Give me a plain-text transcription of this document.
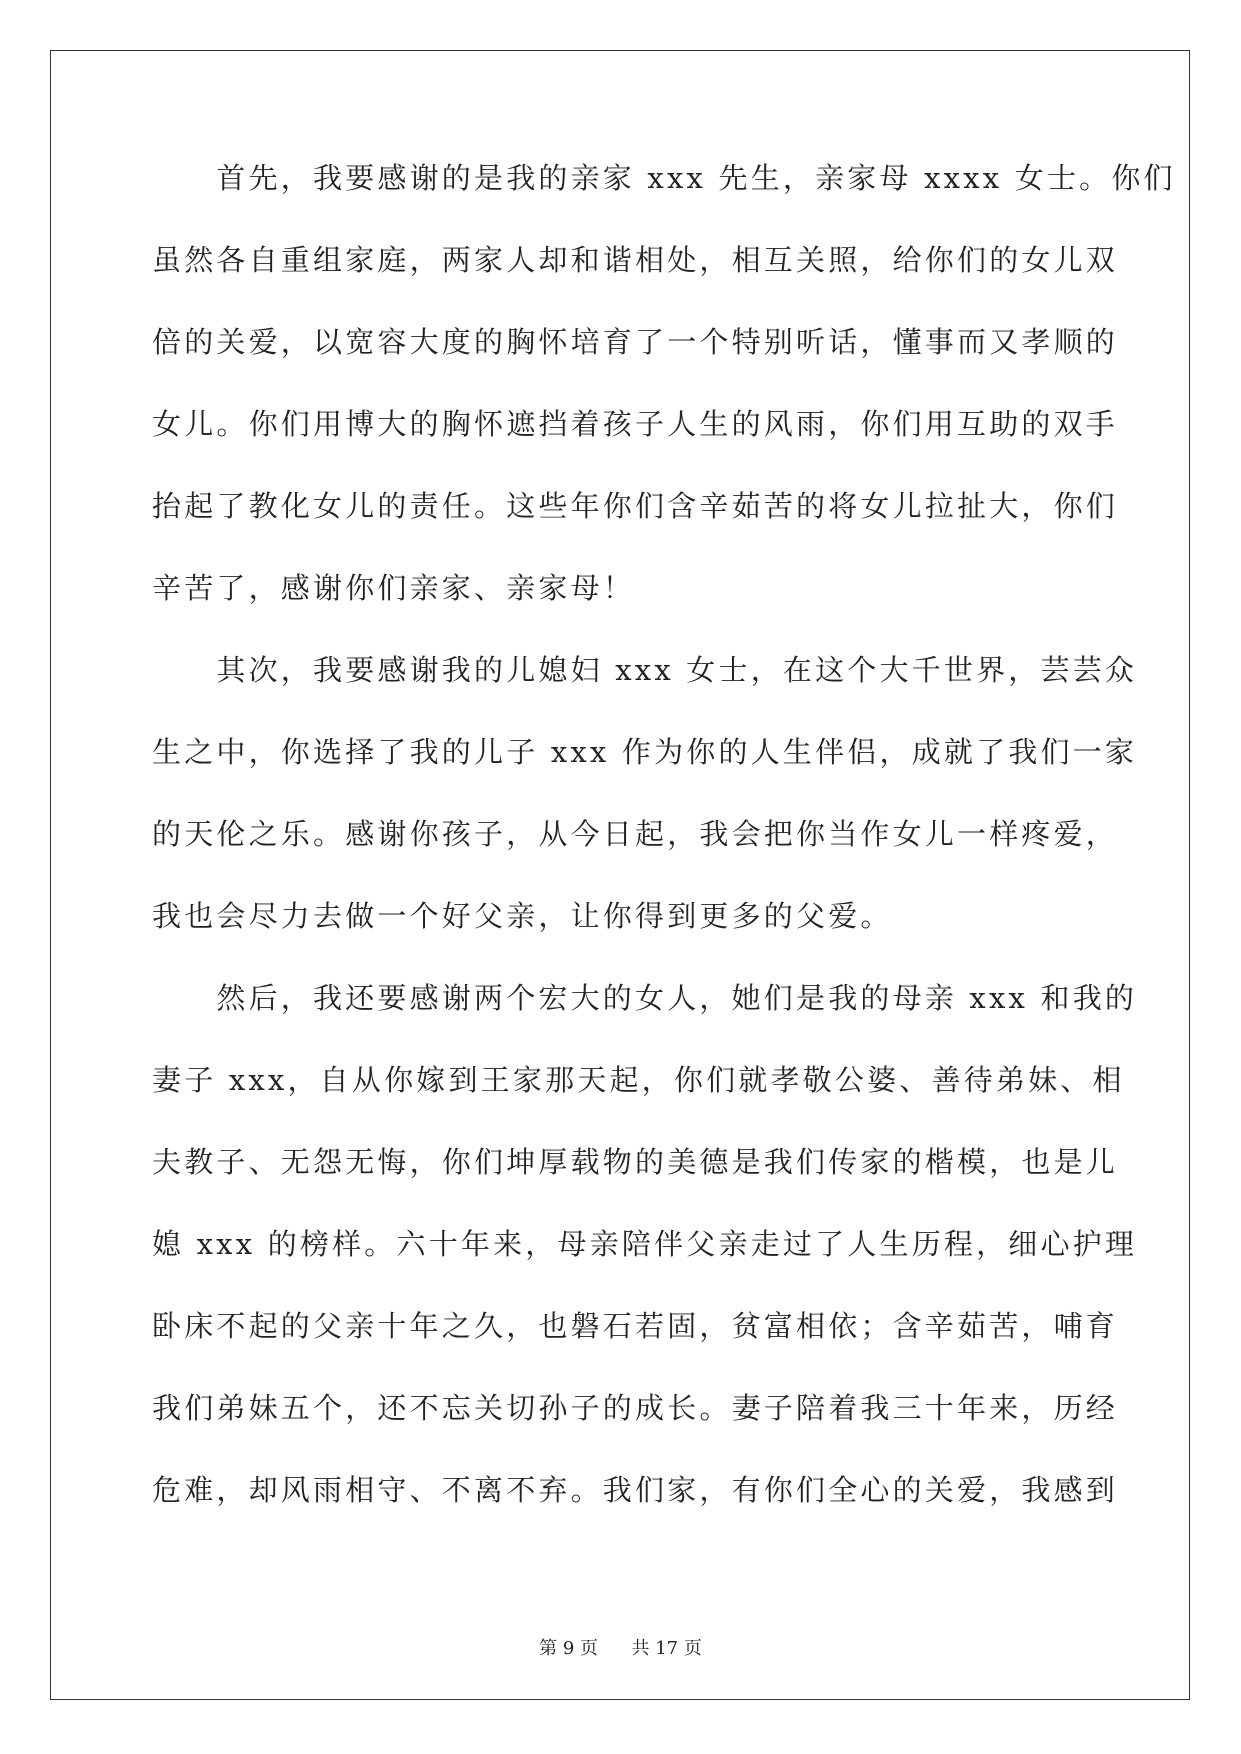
　　首先，我要感谢的是我的亲家 xxx 先生，亲家母 xxxx 女士。你们
虽然各自重组家庭，两家人却和谐相处，相互关照，给你们的女儿双
倍的关爱，以宽容大度的胸怀培育了一个特别听话，懂事而又孝顺的
女儿。你们用博大的胸怀遮挡着孩子人生的风雨，你们用互助的双手
抬起了教化女儿的责任。这些年你们含辛茹苦的将女儿拉扯大，你们
辛苦了，感谢你们亲家、亲家母！
　　其次，我要感谢我的儿媳妇 xxx 女士，在这个大千世界，芸芸众
生之中，你选择了我的儿子 xxx 作为你的人生伴侣，成就了我们一家
的天伦之乐。感谢你孩子，从今日起，我会把你当作女儿一样疼爱，
我也会尽力去做一个好父亲，让你得到更多的父爱。
　　然后，我还要感谢两个宏大的女人，她们是我的母亲 xxx 和我的
妻子 xxx，自从你嫁到王家那天起，你们就孝敬公婆、善待弟妹、相
夫教子、无怨无悔，你们坤厚载物的美德是我们传家的楷模，也是儿
媳 xxx 的榜样。六十年来，母亲陪伴父亲走过了人生历程，细心护理
卧床不起的父亲十年之久，也磐石若固，贫富相依；含辛茹苦，哺育
我们弟妹五个，还不忘关切孙子的成长。妻子陪着我三十年来，历经
危难，却风雨相守、不离不弃。我们家，有你们全心的关爱，我感到
第 9 页 共 17 页
